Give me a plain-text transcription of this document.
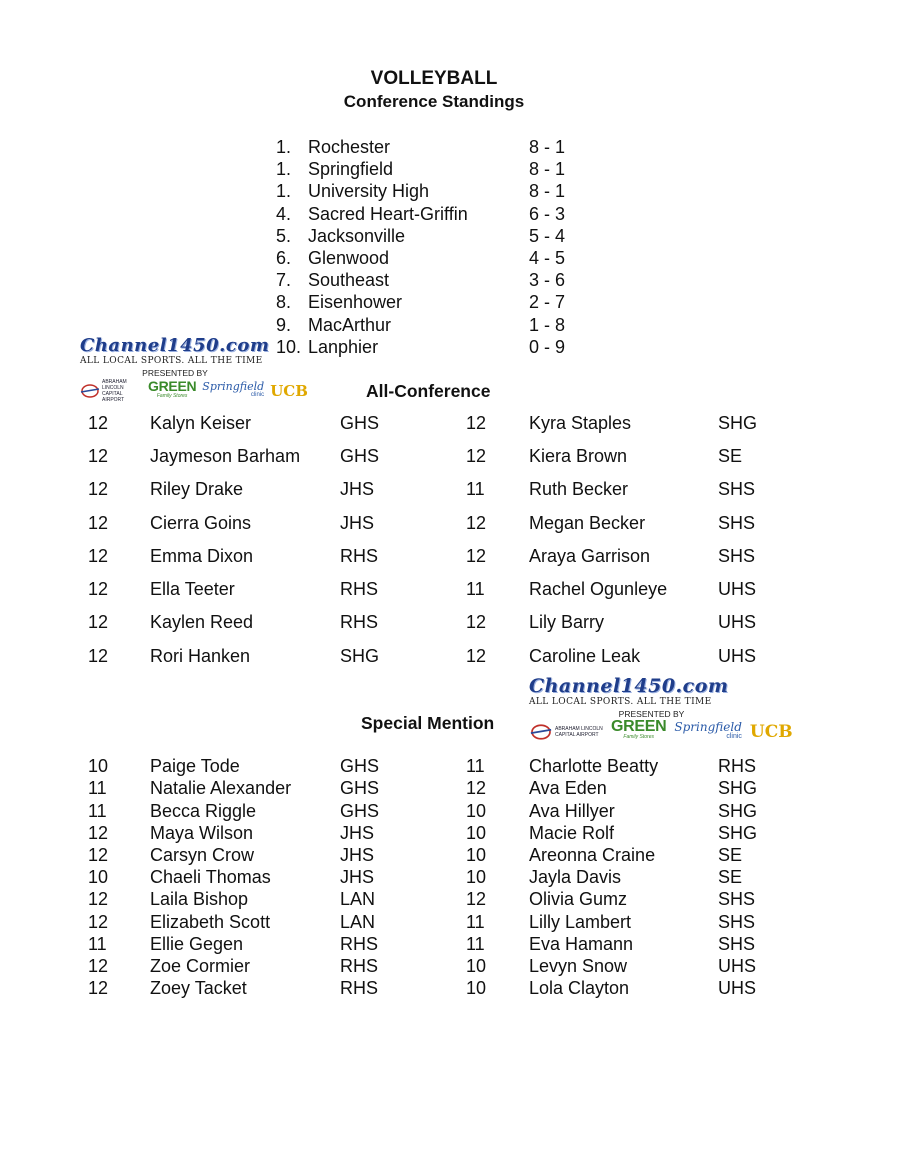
VOLLEYBALL
Conference Standings
1. Rochester	8 - 1
1. Springfield	8 - 1
1. University High	8 - 1
4. Sacred Heart-Griffin	6 - 3
5. Jacksonville	5 - 4
6. Glenwood	4 - 5
7. Southeast	3 - 6
8. Eisenhower	2 - 7
9. MacArthur	1 - 8
10. Lanphier	0 - 9
Channel1450.com
ALL LOCAL SPORTS. ALL THE TIME
PRESENTED BY
ABRAHAM LINCOLN CAPITAL AIRPORT
GREEN
Family Stores
Springfield
clinic UCB	All-Conference
12 Kalyn Keiser	GHS	12 Kyra Staples	SHG
12 Jaymeson Barham GHS	12 Kiera Brown	SE
12 Riley Drake	JHS	11 Ruth Becker	SHS
12 Cierra Goins	JHS	12 Megan Becker	SHS
12 Emma Dixon	RHS	12 Araya Garrison	SHS
12 Ella Teeter	RHS	11 Rachel Ogunleye	UHS
12 Kaylen Reed	RHS	12 Lily Barry	UHS
12 Rori Hanken	SHG	12 Caroline Leak	UHS
Channel1450.com
ALL LOCAL SPORTS. ALL THE TIME
PRESENTED BY
ABRAHAM LINCOLN CAPITAL AIRPORT GREEN
Family Stores
Springfield
clinic UCB
Special Mention
10 Paige Tode	GHS	11 Charlotte Beatty	RHS
11 Natalie Alexander	GHS	12 Ava Eden	SHG
11 Becca Riggle	GHS	10 Ava Hillyer	SHG
12 Maya Wilson	JHS	10 Macie Rolf	SHG
12 Carsyn Crow	JHS	10 Areonna Craine	SE
10 Chaeli Thomas	JHS	10 Jayla Davis	SE
12 Laila Bishop	LAN	12 Olivia Gumz	SHS
12 Elizabeth Scott	LAN	11 Lilly Lambert	SHS
11 Ellie Gegen	RHS	11 Eva Hamann	SHS
12 Zoe Cormier	RHS	10 Levyn Snow	UHS
12 Zoey Tacket	RHS	10 Lola Clayton	UHS
